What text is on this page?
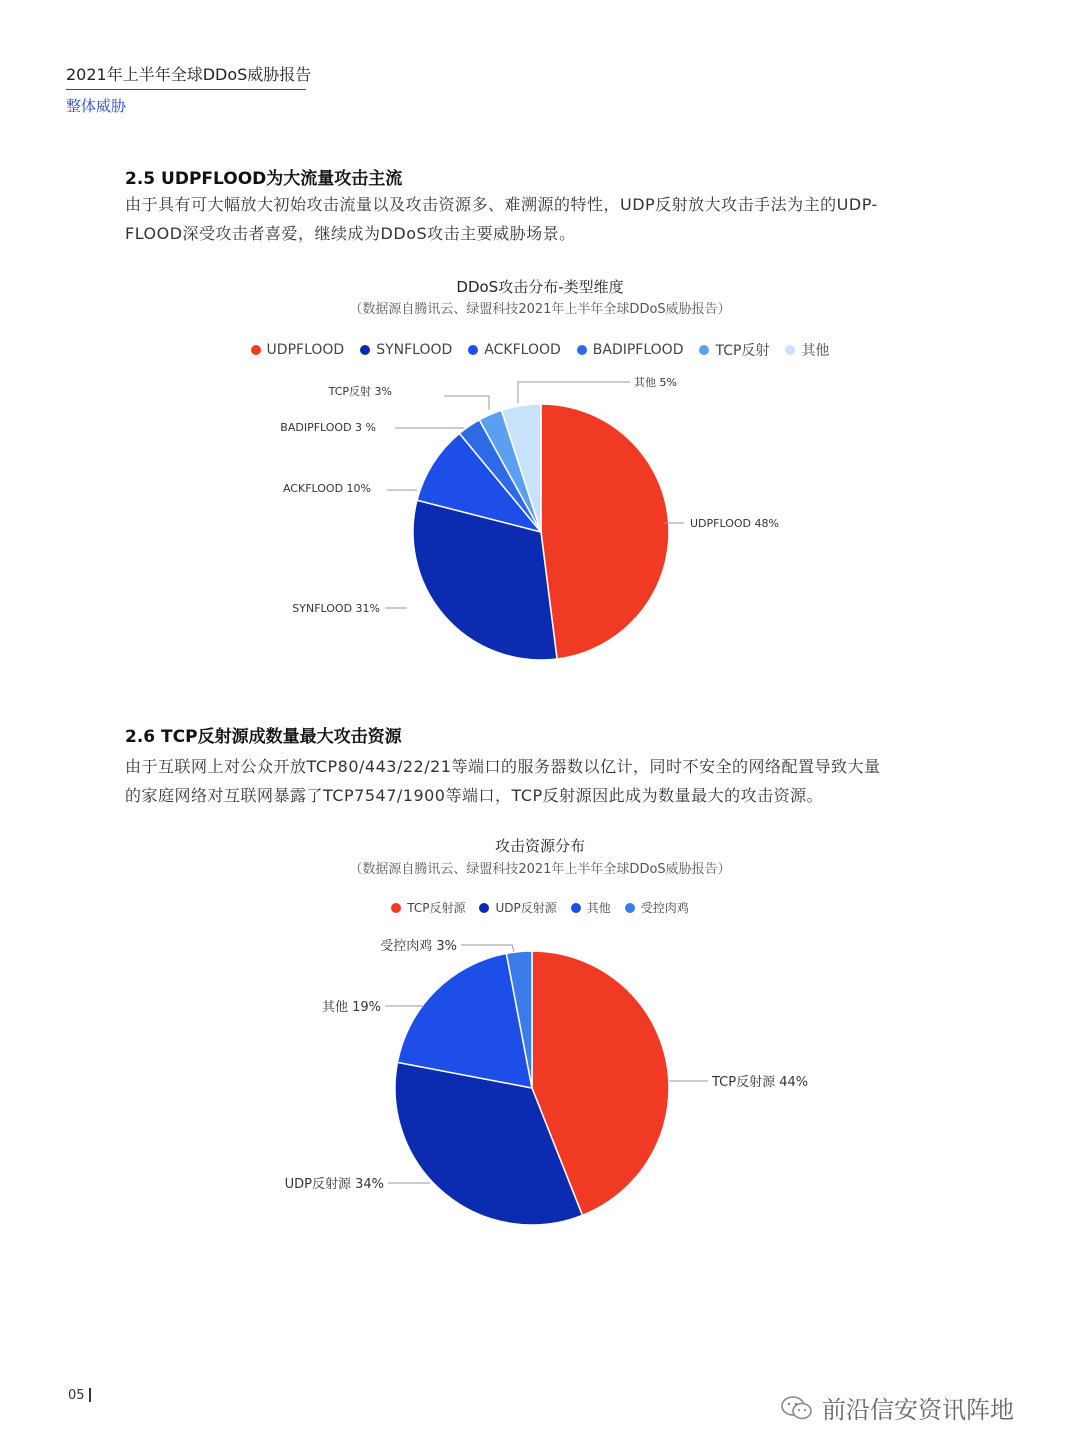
2021年上半年全球DDoS威胁报告
整体威胁
2.5 UDPFLOOD为大流量攻击主流
由于具有可大幅放大初始攻击流量以及攻击资源多、难溯源的特性，UDP反射放大攻击手法为主的UDP-
FLOOD深受攻击者喜爱，继续成为DDoS攻击主要威胁场景。
DDoS攻击分布-类型维度
（数据源自腾讯云、绿盟科技2021年上半年全球DDoS威胁报告）
UDPFLOOD SYNFLOOD ACKFLOOD BADIPFLOOD TCP反射 其他
UDPFLOOD 48%
SYNFLOOD 31%
ACKFLOOD 10%
BADIPFLOOD 3 %
TCP反射 3%
其他 5%
2.6 TCP反射源成数量最大攻击资源
由于互联网上对公众开放TCP80/443/22/21等端口的服务器数以亿计，同时不安全的网络配置导致大量
的家庭网络对互联网暴露了TCP7547/1900等端口，TCP反射源因此成为数量最大的攻击资源。
攻击资源分布
（数据源自腾讯云、绿盟科技2021年上半年全球DDoS威胁报告）
TCP反射源	UDP反射源	其他	受控肉鸡
TCP反射源 44%
UDP反射源 34%
其他 19%
受控肉鸡 3%
05
前沿信安资讯阵地
